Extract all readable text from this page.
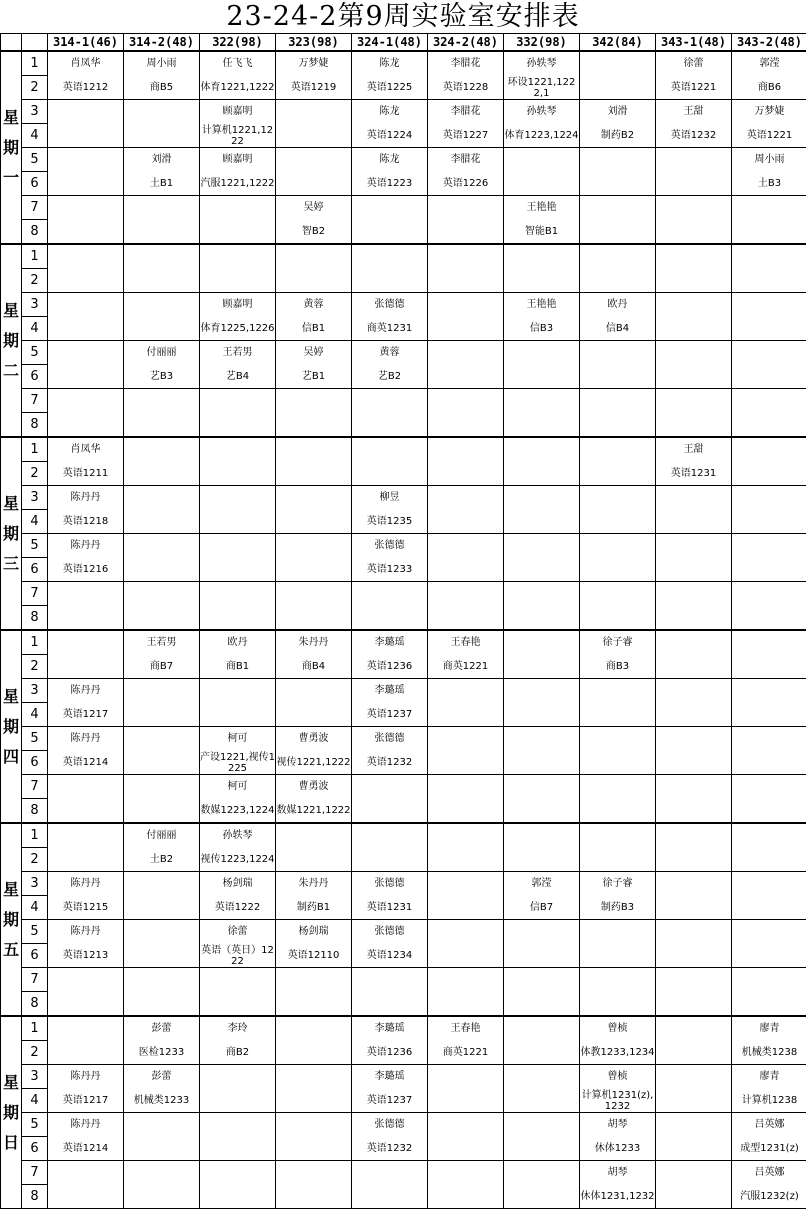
23-24-2第9周实验室安排表
		314-1(46)	314-2(48)	322(98)	323(98)	324-1(48)	324-2(48)	332(98)	342(84)	343-1(48)	343-2(48)

星
期
一	1	肖凤华	周小雨	任飞飞	万梦婕	陈龙	李腊花	孙轶琴		徐蕾	郭滢
	2	英语1212	商B5	体育1221,1222	英语1219	英语1225	英语1228	环设1221,1222,1		英语1221	商B6
	3			顾嘉明		陈龙	李腊花	孙轶琴	刘滑	王甜	万梦婕
	4			计算机1221,1222		英语1224	英语1227	体育1223,1224	制药B2	英语1232	英语1221
	5		刘滑	顾嘉明		陈龙	李腊花				周小雨
	6		土B1	汽服1221,1222		英语1223	英语1226				土B3
	7				吴婷			王艳艳			
	8				智B2			智能B1			

星
期
二	1										
	2										
	3			顾嘉明	黄蓉	张德德		王艳艳	欧丹		
	4			体育1225,1226	信B1	商英1231		信B3	信B4		
	5		付丽丽	王若男	吴婷	黄蓉					
	6		艺B3	艺B4	艺B1	艺B2					
	7										
	8										

星
期
三	1	肖凤华								王甜	
	2	英语1211								英语1231	
	3	陈丹丹				柳昱					
	4	英语1218				英语1235					
	5	陈丹丹				张德德					
	6	英语1216				英语1233					
	7										
	8										

星
期
四	1		王若男	欧丹	朱丹丹	李璐瑶	王春艳		徐子睿		
	2		商B7	商B1	商B4	英语1236	商英1221		商B3		
	3	陈丹丹				李璐瑶					
	4	英语1217				英语1237					
	5	陈丹丹		柯可	曹勇波	张德德					
	6	英语1214		产设1221,视传1225	视传1221,1222	英语1232					
	7			柯可	曹勇波						
	8			数媒1223,1224	数媒1221,1222						

星
期
五	1		付丽丽	孙轶琴							
	2		土B2	视传1223,1224							
	3	陈丹丹		杨剑瑞	朱丹丹	张德德		郭滢	徐子睿		
	4	英语1215		英语1222	制药B1	英语1231		信B7	制药B3		
	5	陈丹丹		徐蕾	杨剑瑞	张德德					
	6	英语1213		英语（英日）1222	英语12110	英语1234					
	7										
	8										

星
期
日	1		彭蕾	李玲		李璐瑶	王春艳		曾桢		廖青
	2		医检1233	商B2		英语1236	商英1221		体教1233,1234		机械类1238
	3	陈丹丹	彭蕾			李璐瑶			曾桢		廖青
	4	英语1217	机械类1233			英语1237			计算机1231(z),1232		计算机1238
	5	陈丹丹				张德德			胡琴		吕英娜
	6	英语1214				英语1232			休体1233		成型1231(z)
	7								胡琴		吕英娜
	8								休体1231,1232		汽服1232(z)
